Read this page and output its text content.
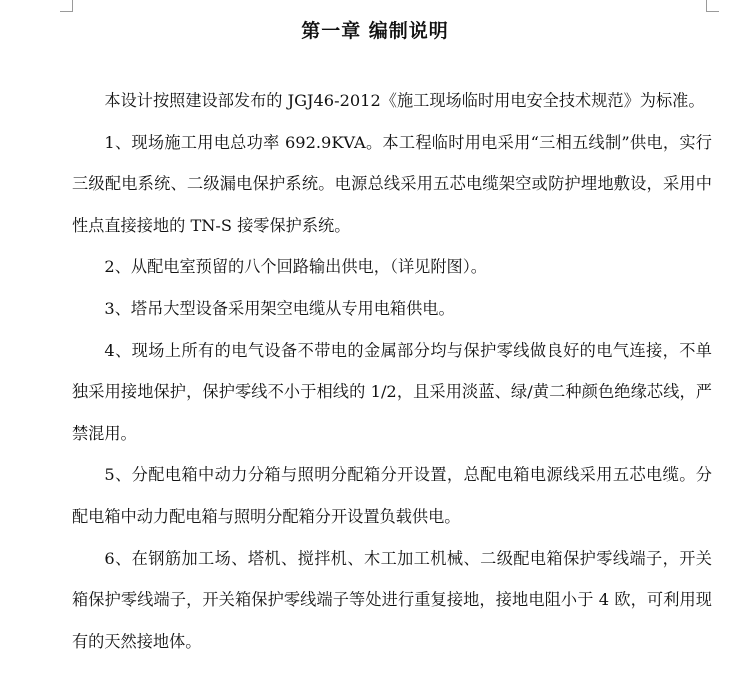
第一章 编制说明

本设计按照建设部发布的 JGJ46-2012《施工现场临时用电安全技术规范》为标准。

1、现场施工用电总功率 692.9KVA。本工程临时用电采用“三相五线制”供电，实行三级配电系统、二级漏电保护系统。电源总线采用五芯电缆架空或防护埋地敷设，采用中性点直接接地的 TN-S 接零保护系统。

2、从配电室预留的八个回路输出供电，（详见附图）。

3、塔吊大型设备采用架空电缆从专用电箱供电。

4、现场上所有的电气设备不带电的金属部分均与保护零线做良好的电气连接，不单独采用接地保护，保护零线不小于相线的 1/2，且采用淡蓝、绿/黄二种颜色绝缘芯线，严禁混用。

5、分配电箱中动力分箱与照明分配箱分开设置，总配电箱电源线采用五芯电缆。分配电箱中动力配电箱与照明分配箱分开设置负载供电。

6、在钢筋加工场、塔机、搅拌机、木工加工机械、二级配电箱保护零线端子，开关箱保护零线端子，开关箱保护零线端子等处进行重复接地，接地电阻小于 4 欧，可利用现有的天然接地体。
